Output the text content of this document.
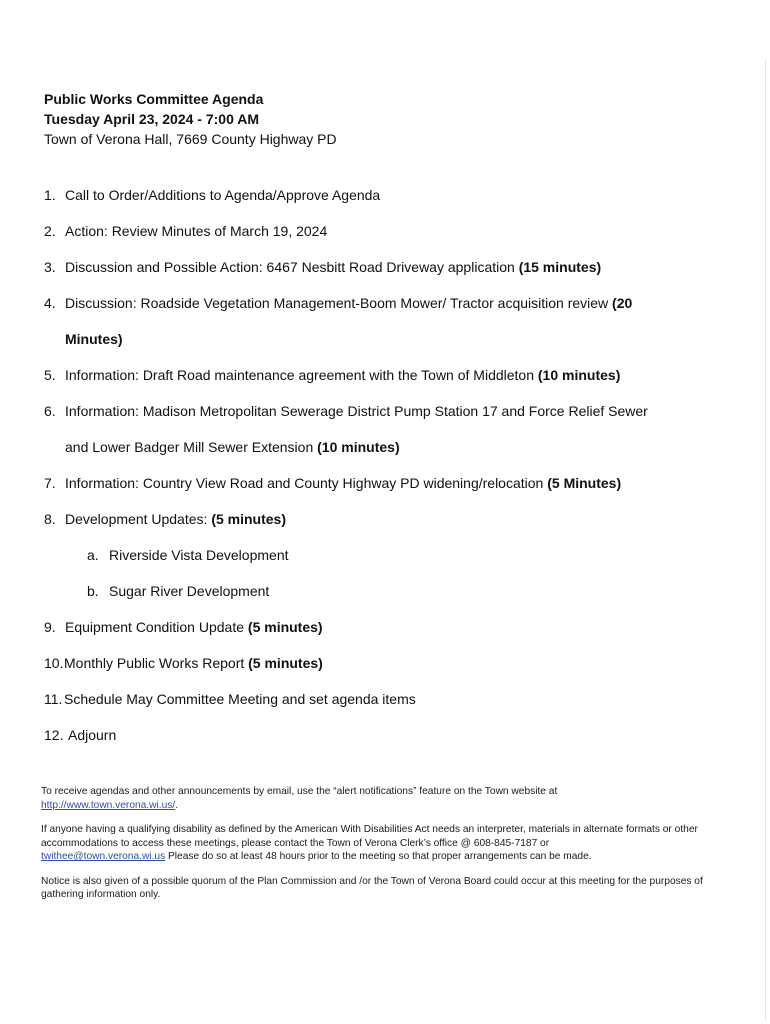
Public Works Committee Agenda
Tuesday April 23, 2024 - 7:00 AM
Town of Verona Hall, 7669 County Highway PD
1. Call to Order/Additions to Agenda/Approve Agenda
2. Action: Review Minutes of March 19, 2024
3. Discussion and Possible Action: 6467 Nesbitt Road Driveway application (15 minutes)
4. Discussion: Roadside Vegetation Management-Boom Mower/ Tractor acquisition review (20
Minutes)
5. Information: Draft Road maintenance agreement with the Town of Middleton (10 minutes)
6. Information: Madison Metropolitan Sewerage District Pump Station 17 and Force Relief Sewer
and Lower Badger Mill Sewer Extension (10 minutes)
7. Information: Country View Road and County Highway PD widening/relocation (5 Minutes)
8. Development Updates: (5 minutes)
a. Riverside Vista Development
b. Sugar River Development
9. Equipment Condition Update (5 minutes)
10.Monthly Public Works Report (5 minutes)
11. Schedule May Committee Meeting and set agenda items
12. Adjourn

To receive agendas and other announcements by email, use the “alert notifications” feature on the Town website at
http://www.town.verona.wi.us/.

If anyone having a qualifying disability as defined by the American With Disabilities Act needs an interpreter, materials in alternate formats or other accommodations to access these meetings, please contact the Town of Verona Clerk’s office @ 608-845-7187 or
twithee@town.verona.wi.us Please do so at least 48 hours prior to the meeting so that proper arrangements can be made.

Notice is also given of a possible quorum of the Plan Commission and /or the Town of Verona Board could occur at this meeting for the purposes of gathering information only.
